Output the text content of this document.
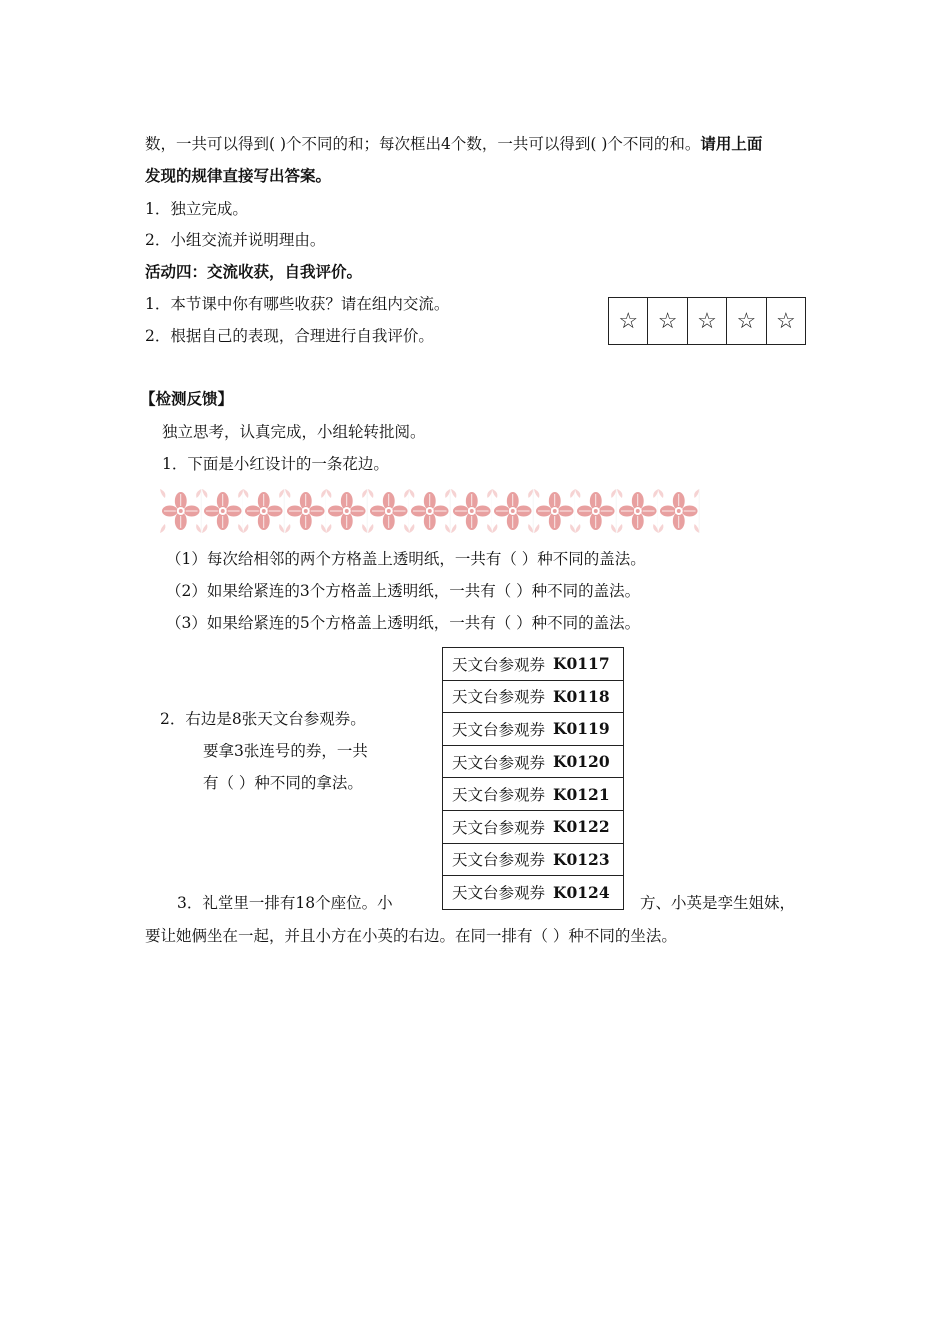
数，一共可以得到( )个不同的和；每次框出4个数，一共可以得到( )个不同的和。请用上面
发现的规律直接写出答案。
1．独立完成。
2．小组交流并说明理由。
活动四：交流收获，自我评价。
1．本节课中你有哪些收获？请在组内交流。
2．根据自己的表现，合理进行自我评价。
☆ ☆ ☆ ☆ ☆
【检测反馈】
独立思考，认真完成，小组轮转批阅。
1．下面是小红设计的一条花边。
（1）每次给相邻的两个方格盖上透明纸，一共有（ ）种不同的盖法。
（2）如果给紧连的3个方格盖上透明纸，一共有（ ）种不同的盖法。
（3）如果给紧连的5个方格盖上透明纸，一共有（ ）种不同的盖法。
2．右边是8张天文台参观券。
要拿3张连号的券，一共
有（ ）种不同的拿法。
天文台参观券 K0117
天文台参观券 K0118
天文台参观券 K0119
天文台参观券 K0120
天文台参观券 K0121
天文台参观券 K0122
天文台参观券 K0123
天文台参观券 K0124
3．礼堂里一排有18个座位。小	方、小英是孪生姐妹，
要让她俩坐在一起，并且小方在小英的右边。在同一排有（ ）种不同的坐法。
